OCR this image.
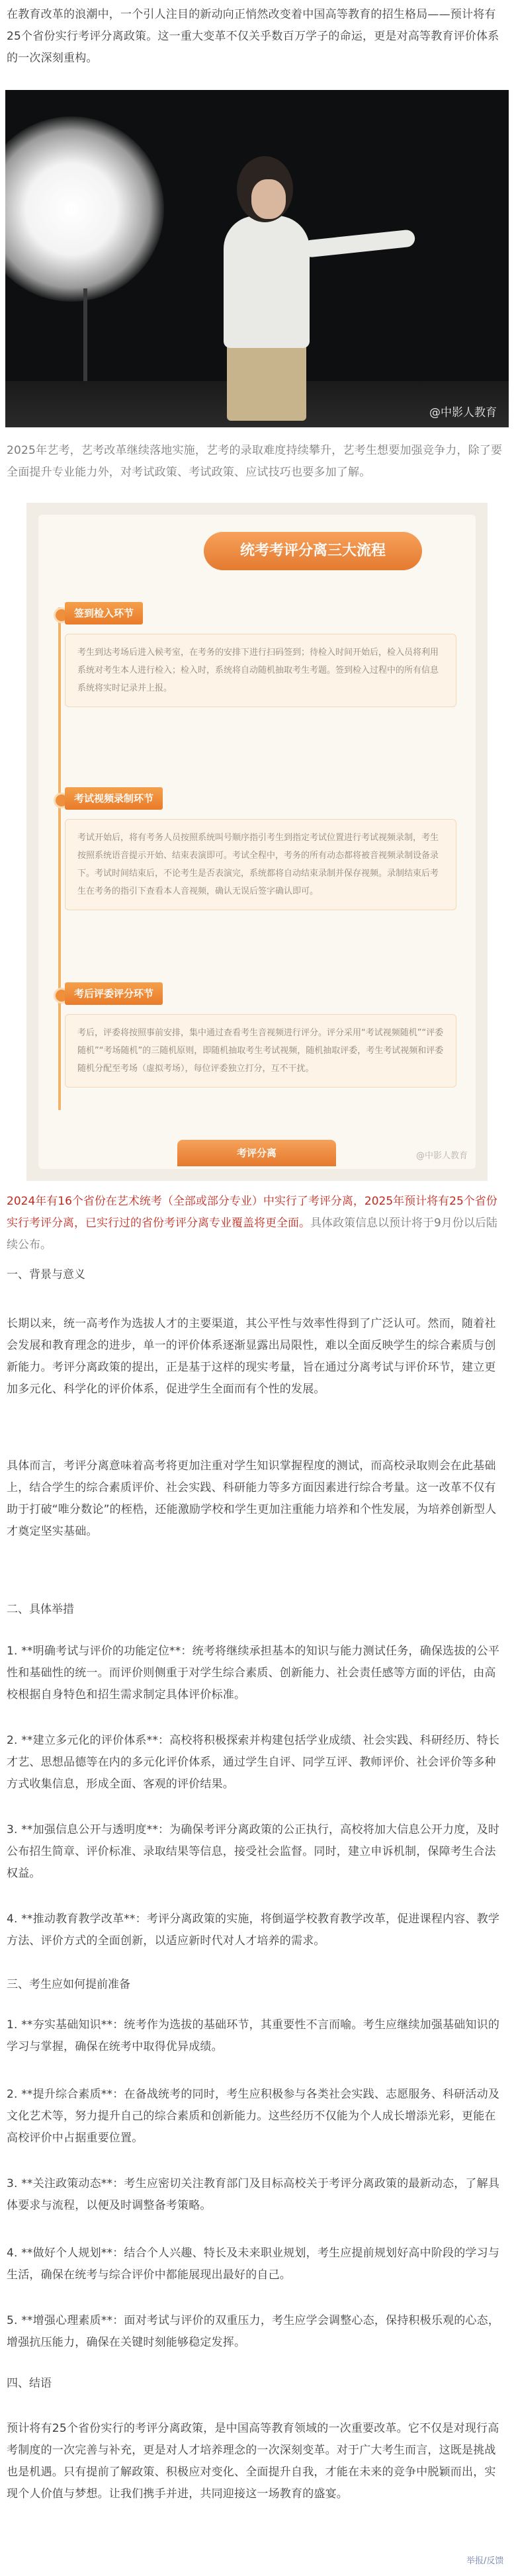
在教育改革的浪潮中，一个引人注目的新动向正悄然改变着中国高等教育的招生格局——预计将有25个省份实行考评分离政策。这一重大变革不仅关乎数百万学子的命运，更是对高等教育评价体系的一次深刻重构。

@中影人教育

2025年艺考，艺考改革继续落地实施，艺考的录取难度持续攀升，艺考生想要加强竞争力，除了要全面提升专业能力外，对考试政策、考试政策、应试技巧也要多加了解。

统考考评分离三大流程
签到检入环节

考生到达考场后进入候考室，在考务的安排下进行扫码签到；待检入时间开始后，检入员将利用系统对考生本人进行检入；检入时，系统将自动随机抽取考生考题。签到检入过程中的所有信息系统将实时记录并上报。

考试视频录制环节

考试开始后，将有考务人员按照系统叫号顺序指引考生到指定考试位置进行考试视频录制，考生按照系统语音提示开始、结束表演即可。考试全程中，考务的所有动态都将被音视频录制设备录下。考试时间结束后，不论考生是否表演完，系统都将自动结束录制并保存视频。录制结束后考生在考务的指引下查看本人音视频，确认无误后签字确认即可。

考后评委评分环节

考后，评委将按照事前安排，集中通过查看考生音视频进行评分。评分采用“考试视频随机”“评委随机”“考场随机”的三随机原则，即随机抽取考生考试视频，随机抽取评委，考生考试视频和评委随机分配至考场（虚拟考场），每位评委独立打分，互不干扰。

考评分离	@中影人教育
2024年有16个省份在艺术统考（全部或部分专业）中实行了考评分离，2025年预计将有25个省份实行考评分离，已实行过的省份考评分离专业覆盖将更全面。具体政策信息以预计将于9月份以后陆续公布。
一、背景与意义

长期以来，统一高考作为选拔人才的主要渠道，其公平性与效率性得到了广泛认可。然而，随着社会发展和教育理念的进步，单一的评价体系逐渐显露出局限性，难以全面反映学生的综合素质与创新能力。考评分离政策的提出，正是基于这样的现实考量，旨在通过分离考试与评价环节，建立更加多元化、科学化的评价体系，促进学生全面而有个性的发展。

具体而言，考评分离意味着高考将更加注重对学生知识掌握程度的测试，而高校录取则会在此基础上，结合学生的综合素质评价、社会实践、科研能力等多方面因素进行综合考量。这一改革不仅有助于打破“唯分数论”的桎梏，还能激励学校和学生更加注重能力培养和个性发展，为培养创新型人才奠定坚实基础。

二、具体举措

1. **明确考试与评价的功能定位**：统考将继续承担基本的知识与能力测试任务，确保选拔的公平性和基础性的统一。而评价则侧重于对学生综合素质、创新能力、社会责任感等方面的评估，由高校根据自身特色和招生需求制定具体评价标准。

2. **建立多元化的评价体系**：高校将积极探索并构建包括学业成绩、社会实践、科研经历、特长才艺、思想品德等在内的多元化评价体系，通过学生自评、同学互评、教师评价、社会评价等多种方式收集信息，形成全面、客观的评价结果。

3. **加强信息公开与透明度**：为确保考评分离政策的公正执行，高校将加大信息公开力度，及时公布招生简章、评价标准、录取结果等信息，接受社会监督。同时，建立申诉机制，保障考生合法权益。

4. **推动教育教学改革**：考评分离政策的实施，将倒逼学校教育教学改革，促进课程内容、教学方法、评价方式的全面创新，以适应新时代对人才培养的需求。

三、考生应如何提前准备

1. **夯实基础知识**：统考作为选拔的基础环节，其重要性不言而喻。考生应继续加强基础知识的学习与掌握，确保在统考中取得优异成绩。

2. **提升综合素质**：在备战统考的同时，考生应积极参与各类社会实践、志愿服务、科研活动及文化艺术等，努力提升自己的综合素质和创新能力。这些经历不仅能为个人成长增添光彩，更能在高校评价中占据重要位置。

3. **关注政策动态**：考生应密切关注教育部门及目标高校关于考评分离政策的最新动态，了解具体要求与流程，以便及时调整备考策略。

4. **做好个人规划**：结合个人兴趣、特长及未来职业规划，考生应提前规划好高中阶段的学习与生活，确保在统考与综合评价中都能展现出最好的自己。

5. **增强心理素质**：面对考试与评价的双重压力，考生应学会调整心态，保持积极乐观的心态，增强抗压能力，确保在关键时刻能够稳定发挥。

四、结语

预计将有25个省份实行的考评分离政策，是中国高等教育领域的一次重要改革。它不仅是对现行高考制度的一次完善与补充，更是对人才培养理念的一次深刻变革。对于广大考生而言，这既是挑战也是机遇。只有提前了解政策、积极应对变化、全面提升自我，才能在未来的竞争中脱颖而出，实现个人价值与梦想。让我们携手并进，共同迎接这一场教育的盛宴。

举报/反馈
